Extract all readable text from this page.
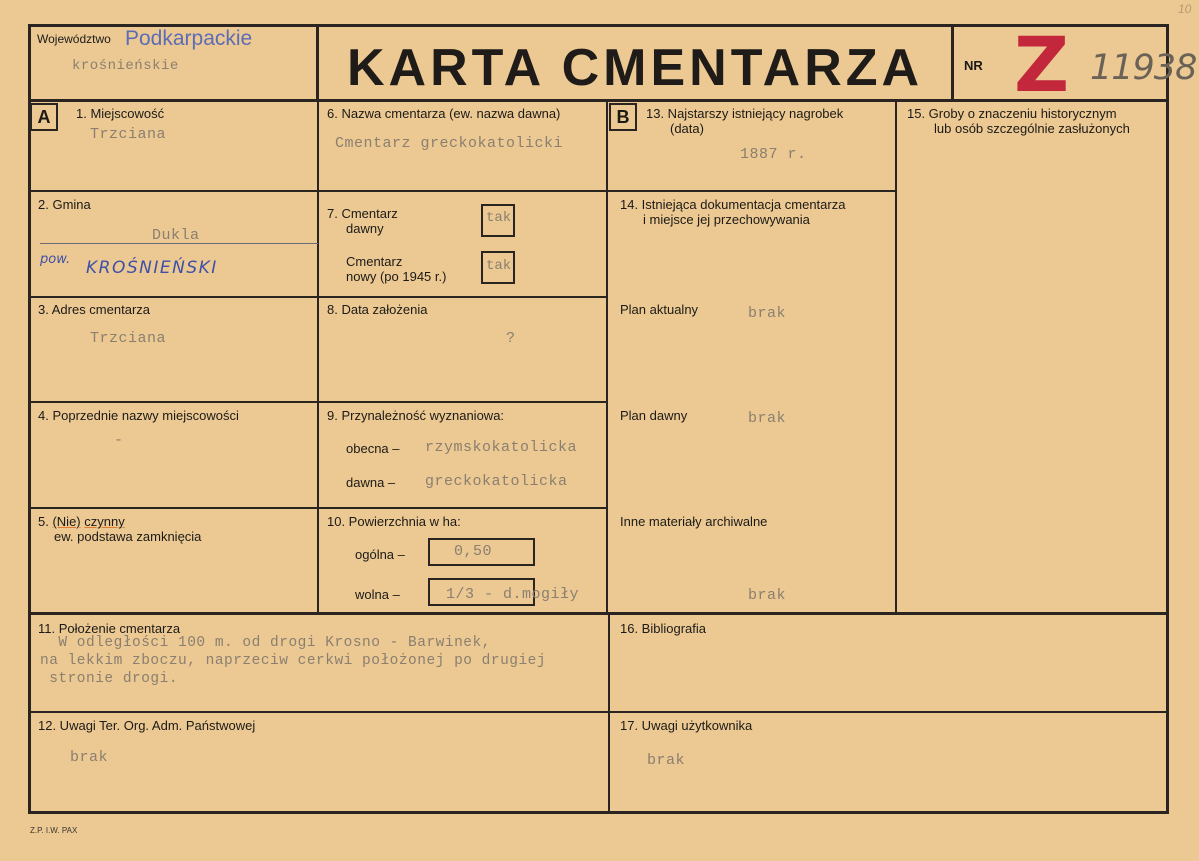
Województwo Podkarpackie
krośnieńskie	KARTA CMENTARZA	NR Z 11938
10
A	B
1. Miejscowość
Trzciana
2. Gmina
Dukla
pow. KROŚNIEŃSKI
3. Adres cmentarza
Trzciana
4. Poprzednie nazwy miejscowości
-
5. (Nie) czynny
ew. podstawa zamknięcia
6. Nazwa cmentarza (ew. nazwa dawna)
Cmentarz greckokatolicki
7. Cmentarz
dawny
tak
Cmentarz
nowy (po 1945 r.)
tak
8. Data założenia
?
9. Przynależność wyznaniowa:
obecna – rzymskokatolicka
dawna – greckokatolicka
10. Powierzchnia w ha:
ogólna –	0,50
wolna –	1/3 - d.mogiły
11. Położenie cmentarza
W odległości 100 m. od drogi Krosno - Barwinek,
na lekkim zboczu, naprzeciw cerkwi położonej po drugiej
stronie drogi.
12. Uwagi Ter. Org. Adm. Państwowej
brak
13. Najstarszy istniejący nagrobek
(data)
1887 r.
14. Istniejąca dokumentacja cmentarza
i miejsce jej przechowywania
Plan aktualny	brak
Plan dawny	brak
Inne materiały archiwalne
brak
15. Groby o znaczeniu historycznym
lub osób szczególnie zasłużonych
16. Bibliografia
17. Uwagi użytkownika
brak
Z.P. I.W. PAX
